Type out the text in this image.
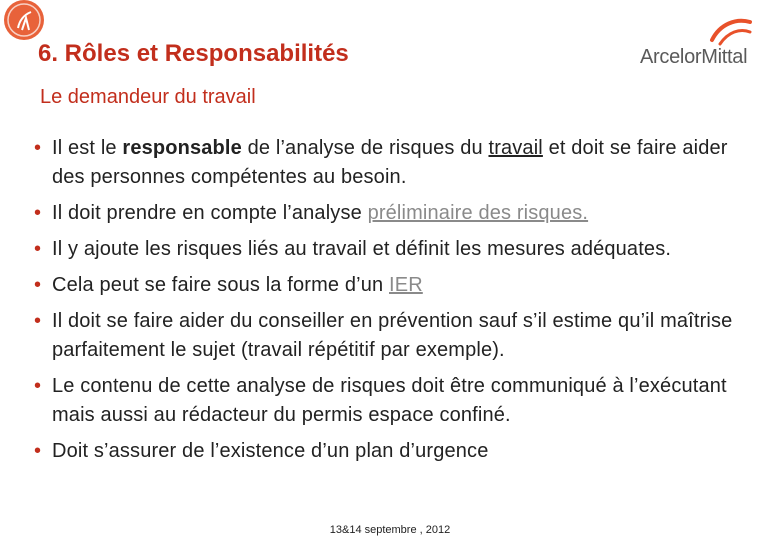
6. Rôles et Responsabilités	ArcelorMittal
Le demandeur du travail
• Il est le responsable de l’analyse de risques du travail et doit se faire aider des personnes compétentes au besoin.
• Il doit prendre en compte l’analyse préliminaire des risques.
• Il y ajoute les risques liés au travail et définit les mesures adéquates.
• Cela peut se faire sous la forme d’un IER
• Il doit se faire aider du conseiller en prévention sauf s’il estime qu’il maîtrise parfaitement le sujet (travail répétitif par exemple).
• Le contenu de cette analyse de risques doit être communiqué à l’exécutant mais aussi au rédacteur du permis espace confiné.
• Doit s’assurer de l’existence d’un plan d’urgence
13&14 septembre , 2012
